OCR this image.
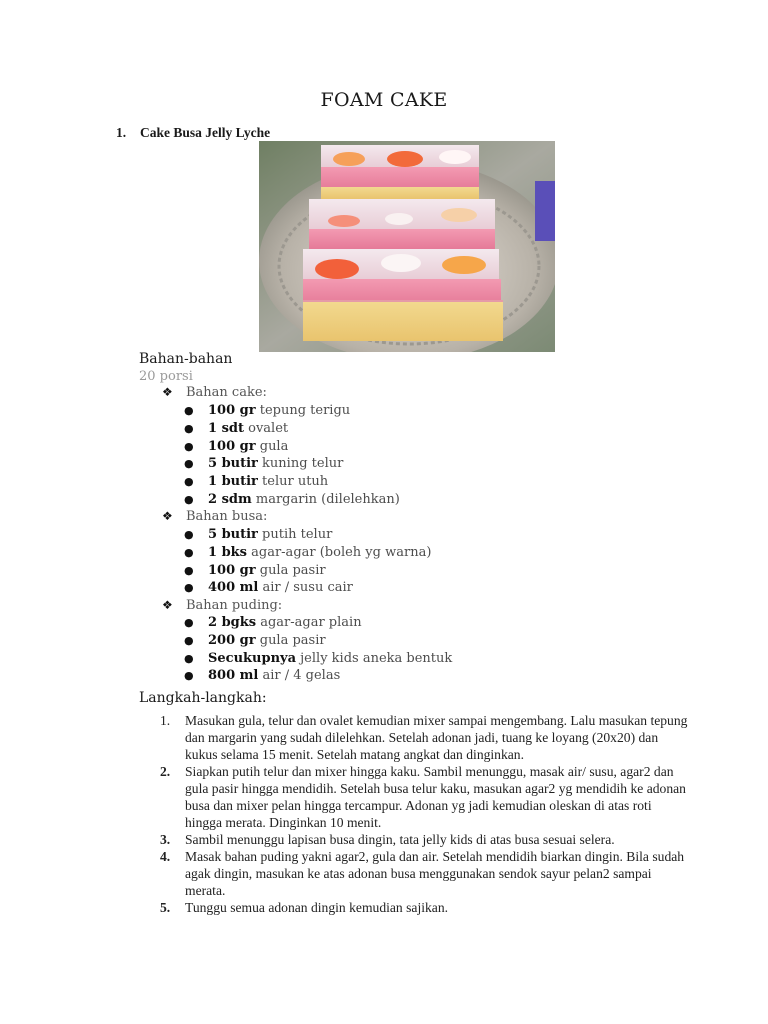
FOAM CAKE
1. Cake Busa Jelly Lyche
Bahan-bahan
20 porsi
❖ Bahan cake:
● 100 gr tepung terigu
● 1 sdt ovalet
● 100 gr gula
● 5 butir kuning telur
● 1 butir telur utuh
● 2 sdm margarin (dilelehkan)
❖ Bahan busa:
● 5 butir putih telur
● 1 bks agar-agar (boleh yg warna)
● 100 gr gula pasir
● 400 ml air / susu cair
❖ Bahan puding:
● 2 bgks agar-agar plain
● 200 gr gula pasir
● Secukupnya jelly kids aneka bentuk
● 800 ml air / 4 gelas
Langkah-langkah:
1.	Masukan gula, telur dan ovalet kemudian mixer sampai mengembang. Lalu masukan tepung dan margarin yang sudah dilelehkan. Setelah adonan jadi, tuang ke loyang (20x20) dan kukus selama 15 menit. Setelah matang angkat dan dinginkan.
2.	Siapkan putih telur dan mixer hingga kaku. Sambil menunggu, masak air/ susu, agar2 dan gula pasir hingga mendidih. Setelah busa telur kaku, masukan agar2 yg mendidih ke adonan busa dan mixer pelan hingga tercampur. Adonan yg jadi kemudian oleskan di atas roti hingga merata. Dinginkan 10 menit.
3.	Sambil menunggu lapisan busa dingin, tata jelly kids di atas busa sesuai selera.
4.	Masak bahan puding yakni agar2, gula dan air. Setelah mendidih biarkan dingin. Bila sudah agak dingin, masukan ke atas adonan busa menggunakan sendok sayur pelan2 sampai merata.
5.	Tunggu semua adonan dingin kemudian sajikan.
